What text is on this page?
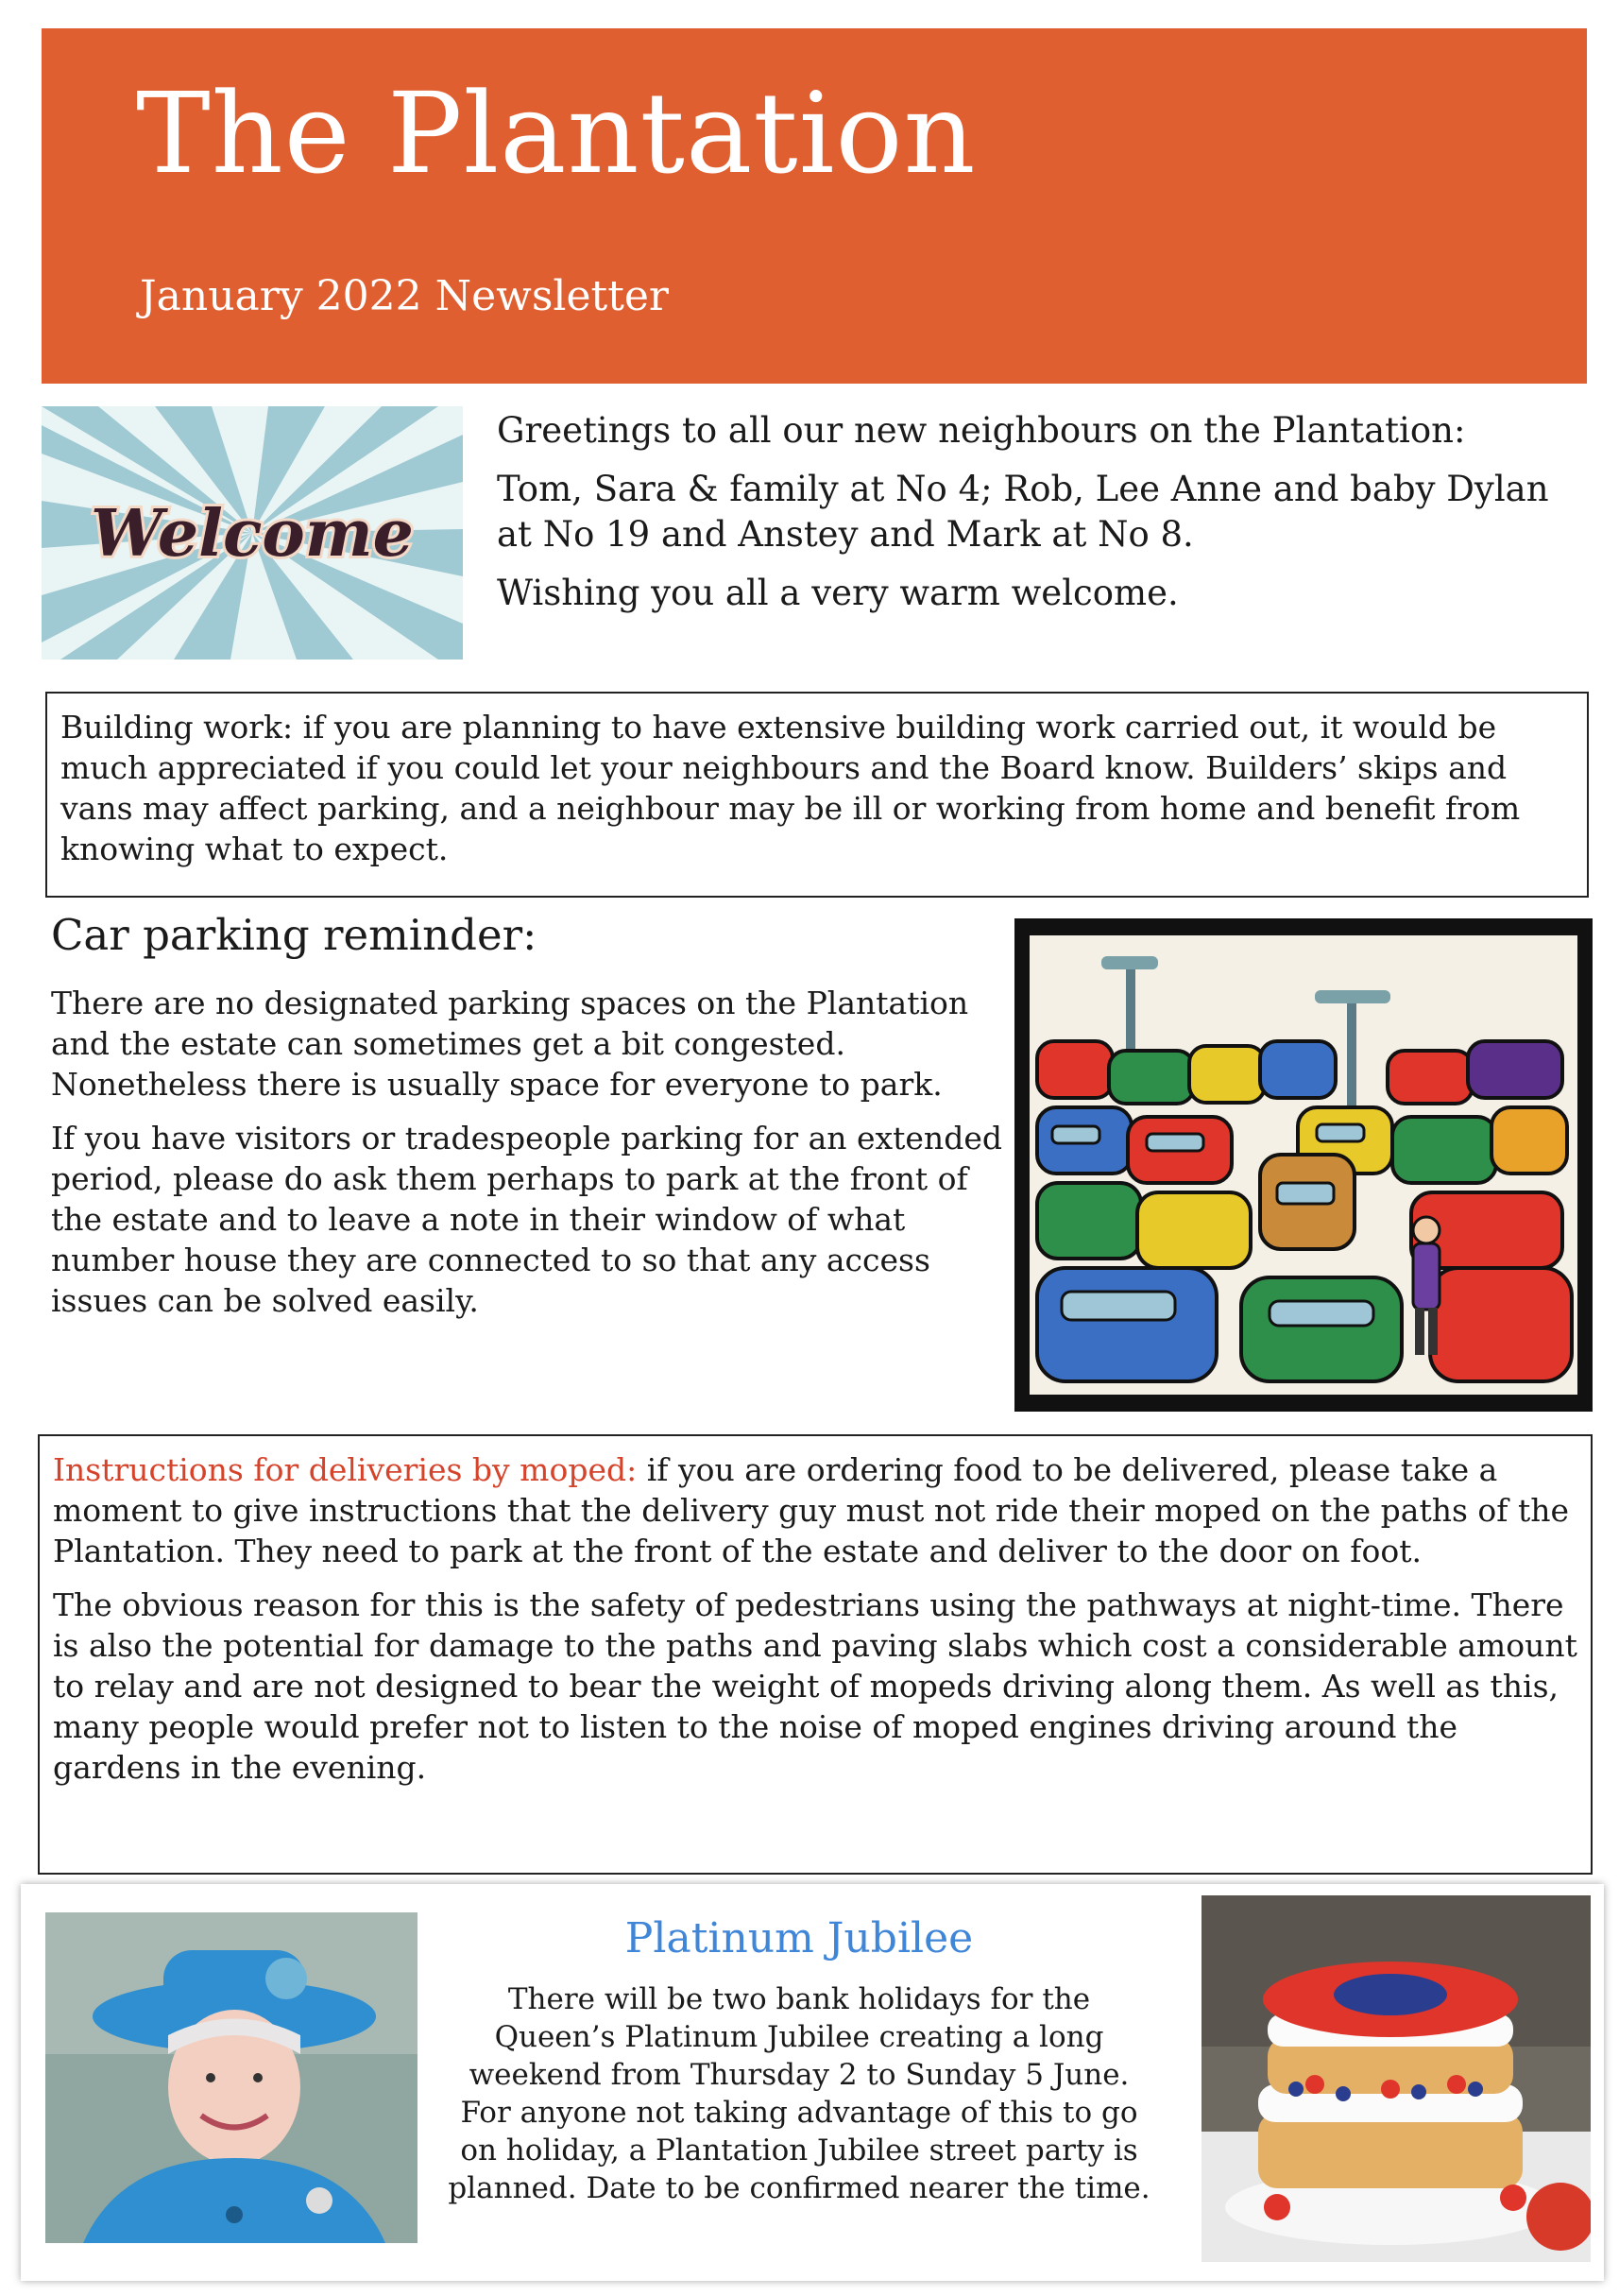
The Plantation
January 2022 Newsletter
Welcome

Greetings to all our new neighbours on the Plantation:

Tom, Sara & family at No 4; Rob, Lee Anne and baby Dylan at No 19 and Anstey and Mark at No 8.

Wishing you all a very warm welcome.

Building work: if you are planning to have extensive building work carried out, it would be much appreciated if you could let your neighbours and the Board know. Builders’ skips and vans may affect parking, and a neighbour may be ill or working from home and benefit from knowing what to expect.
Car parking reminder:

There are no designated parking spaces on the Plantation and the estate can sometimes get a bit congested. Nonetheless there is usually space for everyone to park.

If you have visitors or tradespeople parking for an extended period, please do ask them perhaps to park at the front of the estate and to leave a note in their window of what number house they are connected to so that any access issues can be solved easily.

Instructions for deliveries by moped: if you are ordering food to be delivered, please take a moment to give instructions that the delivery guy must not ride their moped on the paths of the Plantation. They need to park at the front of the estate and deliver to the door on foot.

The obvious reason for this is the safety of pedestrians using the pathways at night-time. There is also the potential for damage to the paths and paving slabs which cost a considerable amount to relay and are not designed to bear the weight of mopeds driving along them. As well as this, many people would prefer not to listen to the noise of moped engines driving around the gardens in the evening.

Platinum Jubilee
There will be two bank holidays for the Queen’s Platinum Jubilee creating a long weekend from Thursday 2 to Sunday 5 June. For anyone not taking advantage of this to go on holiday, a Plantation Jubilee street party is planned. Date to be confirmed nearer the time.
